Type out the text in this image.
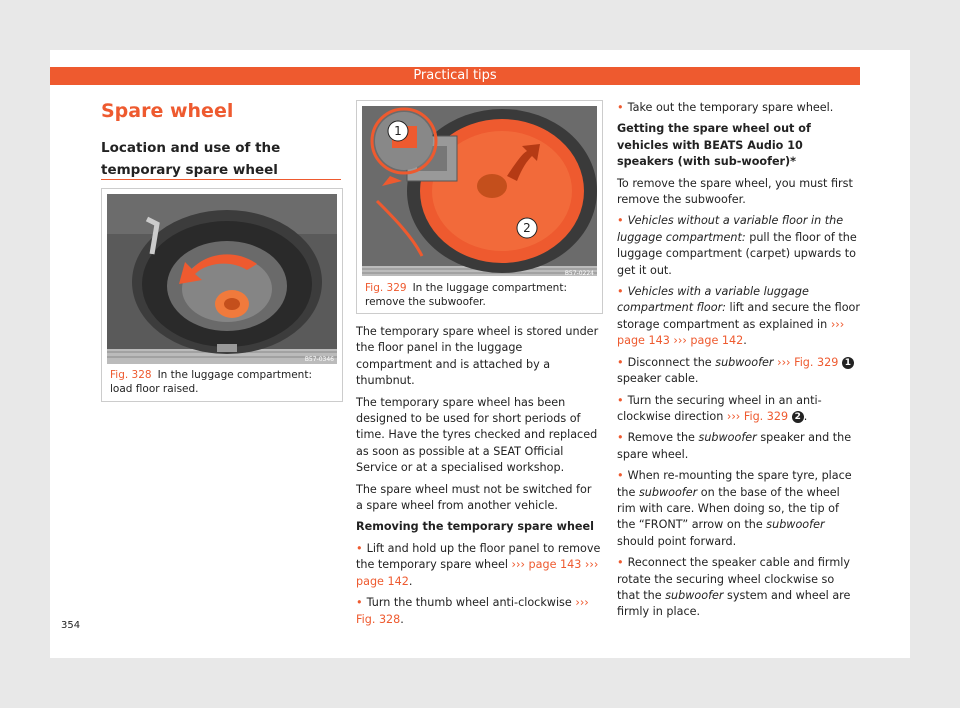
Practical tips
Spare wheel
Location and use of the temporary spare wheel
B57-0346
Fig. 328 In the luggage compartment: load floor raised.
1
2
B57-0224
Fig. 329 In the luggage compartment: remove the subwoofer.

The temporary spare wheel is stored under the floor panel in the luggage compartment and is attached by a thumbnut.

The temporary spare wheel has been designed to be used for short periods of time. Have the tyres checked and replaced as soon as possible at a SEAT Official Service or at a specialised workshop.

The spare wheel must not be switched for a spare wheel from another vehicle.

Removing the temporary spare wheel

• Lift and hold up the floor panel to remove the temporary spare wheel ››› page 143 ››› page 142.

• Turn the thumb wheel anti-clockwise ››› Fig. 328.

• Take out the temporary spare wheel.

Getting the spare wheel out of vehicles with BEATS Audio 10 speakers (with sub-woofer)*

To remove the spare wheel, you must first remove the subwoofer.

• Vehicles without a variable floor in the luggage compartment: pull the floor of the luggage compartment (carpet) upwards to get it out.

• Vehicles with a variable luggage compartment floor: lift and secure the floor storage compartment as explained in ››› page 143 ››› page 142.

• Disconnect the subwoofer ››› Fig. 329 1 speaker cable.

• Turn the securing wheel in an anti-clockwise direction ››› Fig. 329 2 .

• Remove the subwoofer speaker and the spare wheel.

• When re-mounting the spare tyre, place the subwoofer on the base of the wheel rim with care. When doing so, the tip of the “FRONT” arrow on the subwoofer should point forward.

• Reconnect the speaker cable and firmly rotate the securing wheel clockwise so that the subwoofer system and wheel are firmly in place.

354
